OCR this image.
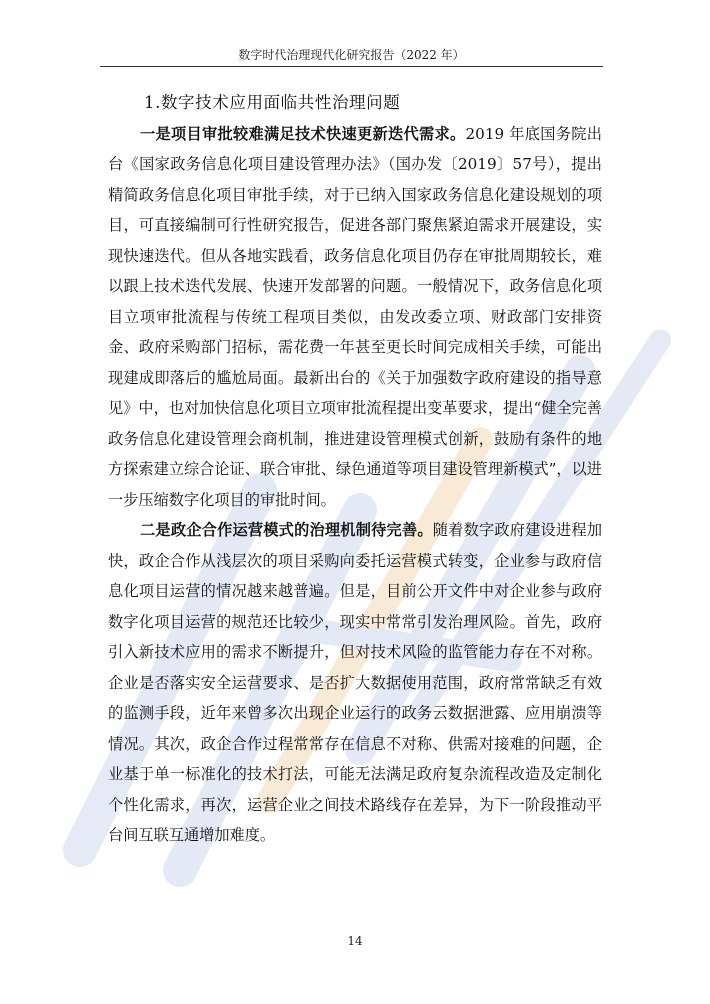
数字时代治理现代化研究报告（2022 年）

1.数字技术应用面临共性治理问题

一是项目审批较难满足技术快速更新迭代需求。2019 年底国务院出台《国家政务信息化项目建设管理办法》（国办发〔2019〕57号），提出精简政务信息化项目审批手续，对于已纳入国家政务信息化建设规划的项目，可直接编制可行性研究报告，促进各部门聚焦紧迫需求开展建设，实现快速迭代。但从各地实践看，政务信息化项目仍存在审批周期较长，难以跟上技术迭代发展、快速开发部署的问题。一般情况下，政务信息化项目立项审批流程与传统工程项目类似，由发改委立项、财政部门安排资金、政府采购部门招标，需花费一年甚至更长时间完成相关手续，可能出现建成即落后的尴尬局面。最新出台的《关于加强数字政府建设的指导意见》中，也对加快信息化项目立项审批流程提出变革要求，提出“健全完善政务信息化建设管理会商机制，推进建设管理模式创新，鼓励有条件的地方探索建立综合论证、联合审批、绿色通道等项目建设管理新模式”，以进一步压缩数字化项目的审批时间。

二是政企合作运营模式的治理机制待完善。随着数字政府建设进程加快，政企合作从浅层次的项目采购向委托运营模式转变，企业参与政府信息化项目运营的情况越来越普遍。但是，目前公开文件中对企业参与政府数字化项目运营的规范还比较少，现实中常常引发治理风险。首先，政府引入新技术应用的需求不断提升，但对技术风险的监管能力存在不对称。企业是否落实安全运营要求、是否扩大数据使用范围，政府常常缺乏有效的监测手段，近年来曾多次出现企业运行的政务云数据泄露、应用崩溃等情况。其次，政企合作过程常常存在信息不对称、供需对接难的问题，企业基于单一标准化的技术打法，可能无法满足政府复杂流程改造及定制化个性化需求，再次，运营企业之间技术路线存在差异，为下一阶段推动平台间互联互通增加难度。

14
